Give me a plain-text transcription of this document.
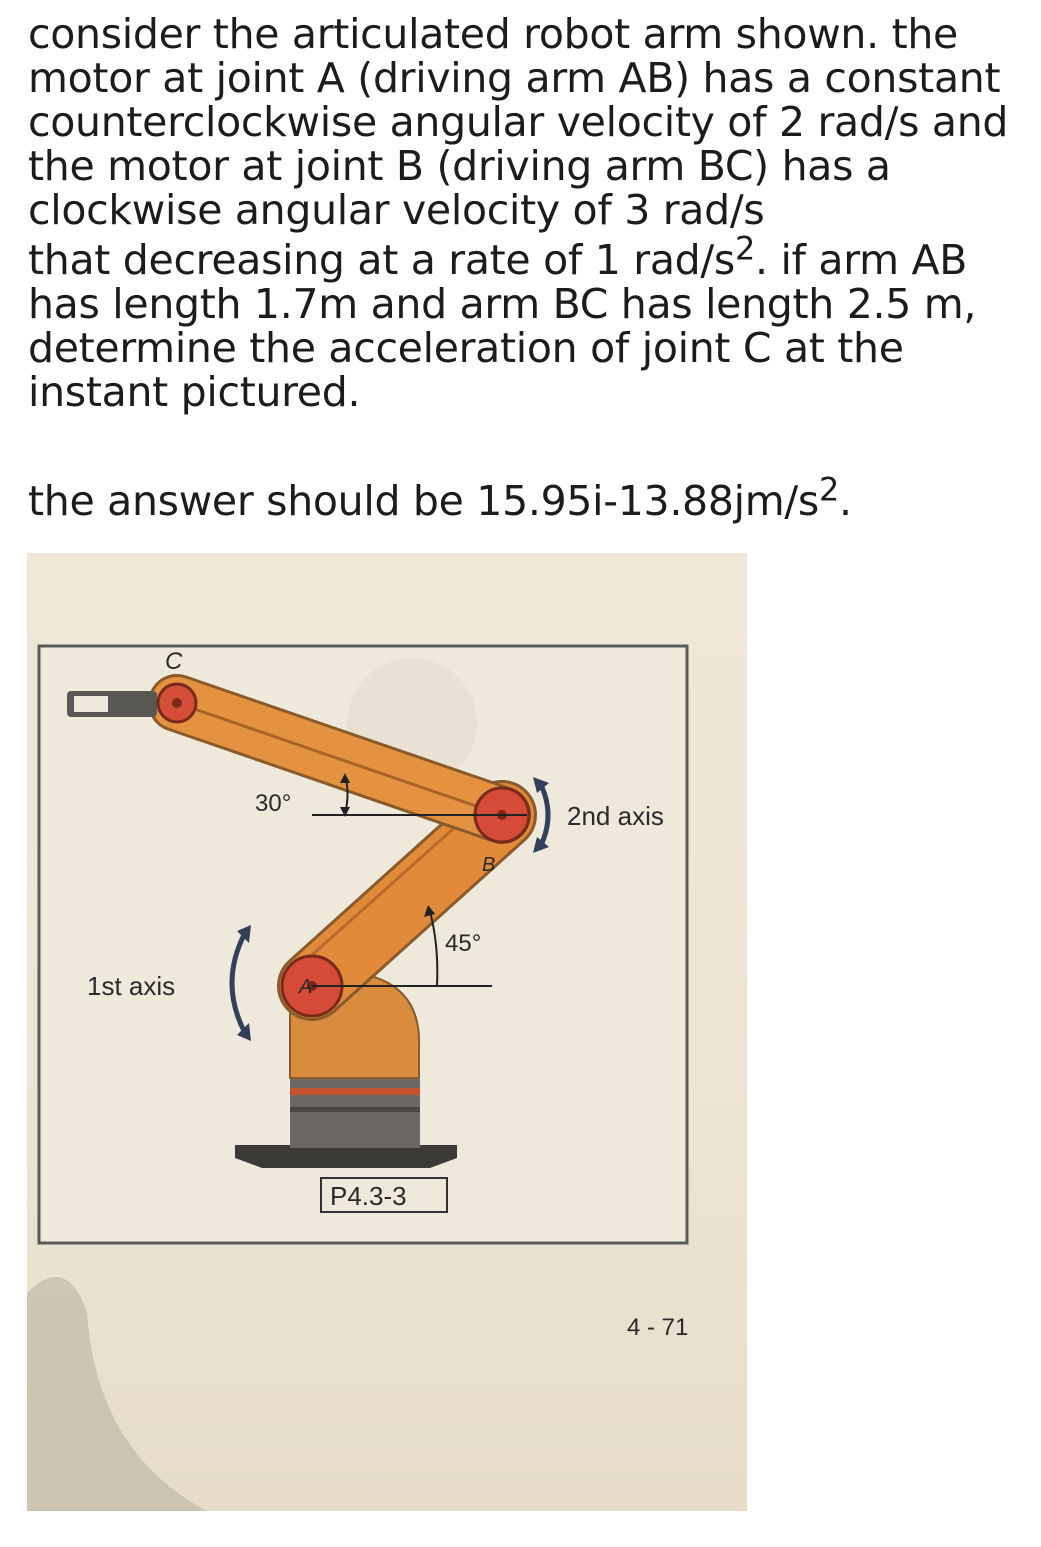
consider the articulated robot arm shown. the motor at joint A (driving arm AB) has a constant counterclockwise angular velocity of 2 rad/s and the motor at joint B (driving arm BC) has a clockwise angular velocity of 3 rad/s

that decreasing at a rate of 1 rad/$s^2$. if arm AB has length 1.7m and arm BC has length 2.5 m, determine the acceleration of joint C at the instant pictured.

the answer should be $15.95i-13.88jm/s^2$.
C
B
A
30°
45°
2nd axis
1st axis
P4.3-3
4 - 71
